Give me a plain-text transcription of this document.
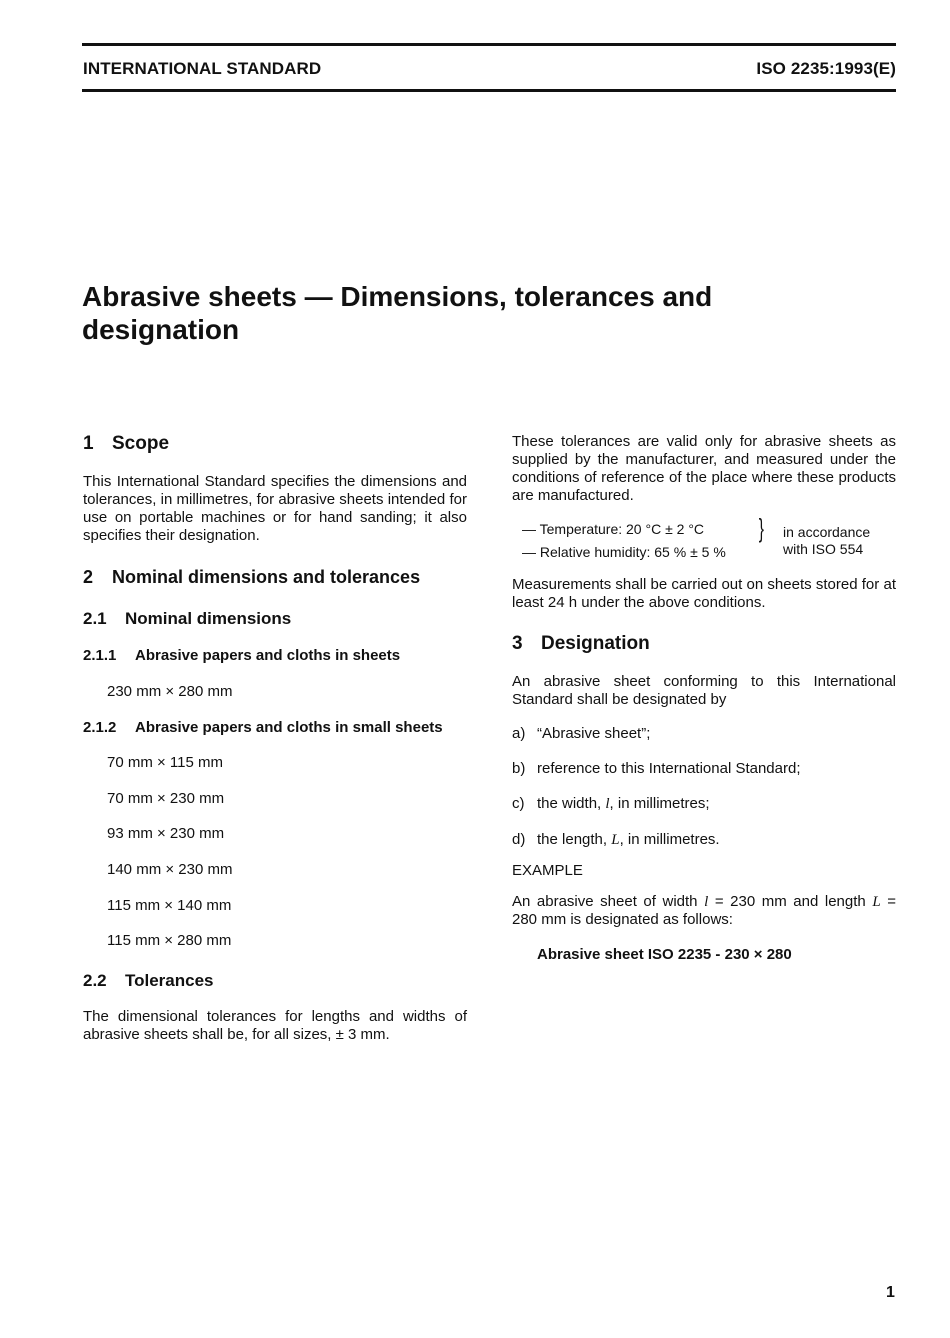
INTERNATIONAL STANDARD	ISO 2235:1993(E)
Abrasive sheets — Dimensions, tolerances and designation

1 Scope

This International Standard specifies the dimensions and tolerances, in millimetres, for abrasive sheets intended for use on portable machines or for hand sanding; it also specifies their designation.

2 Nominal dimensions and tolerances

2.1 Nominal dimensions

2.1.1 Abrasive papers and cloths in sheets

230 mm × 280 mm

2.1.2 Abrasive papers and cloths in small sheets

70 mm × 115 mm

70 mm × 230 mm

93 mm × 230 mm

140 mm × 230 mm

115 mm × 140 mm

115 mm × 280 mm

2.2 Tolerances

The dimensional tolerances for lengths and widths of abrasive sheets shall be, for all sizes, ± 3 mm.

These tolerances are valid only for abrasive sheets as supplied by the manufacturer, and measured under the conditions of reference of the place where these products are manufactured.

— Temperature: 20 °C ± 2 °C

— Relative humidity: 65 % ± 5 %

} in accordance

with ISO 554

Measurements shall be carried out on sheets stored for at least 24 h under the above conditions.

3 Designation

An abrasive sheet conforming to this International Standard shall be designated by

a) “Abrasive sheet”;

b) reference to this International Standard;

c) the width, l, in millimetres;

d) the length, L, in millimetres.

EXAMPLE

An abrasive sheet of width l = 230 mm and length L = 280 mm is designated as follows:

Abrasive sheet ISO 2235 - 230 × 280

1
